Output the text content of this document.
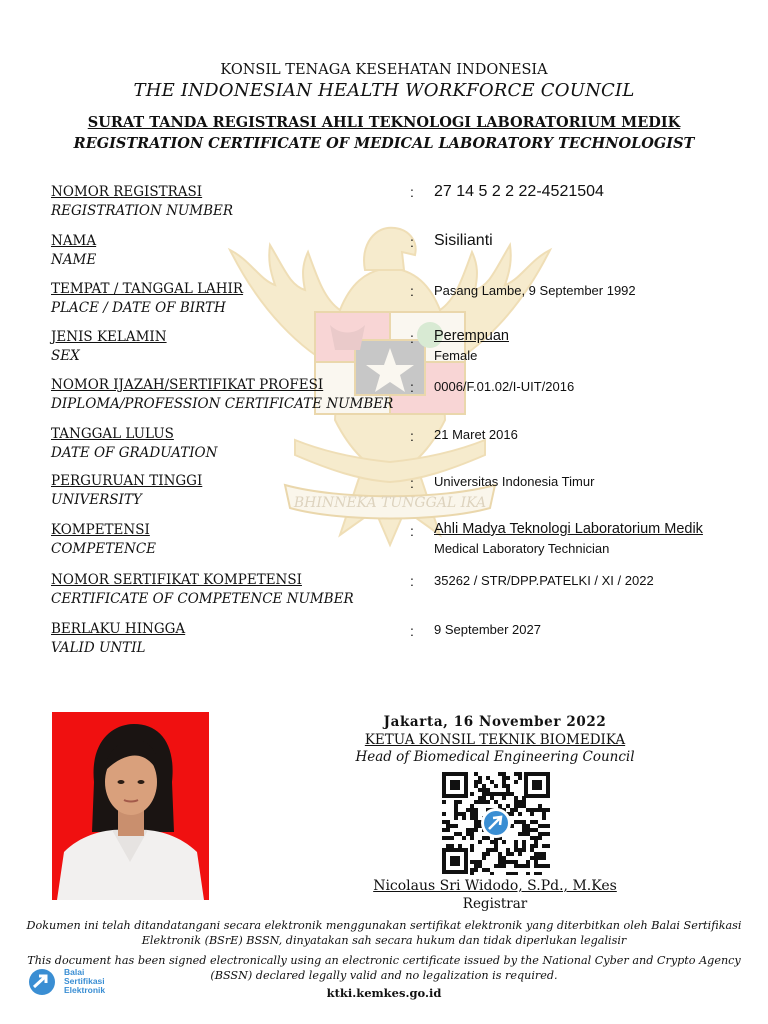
BHINNEKA TUNGGAL IKA
KONSIL TENAGA KESEHATAN INDONESIA
THE INDONESIAN HEALTH WORKFORCE COUNCIL
SURAT TANDA REGISTRASI AHLI TEKNOLOGI LABORATORIUM MEDIK
REGISTRATION CERTIFICATE OF MEDICAL LABORATORY TECHNOLOGIST
NOMOR REGISTRASI
REGISTRATION NUMBER
: 27 14 5 2 2 22-4521504
NAMA
NAME
: Sisilianti
TEMPAT / TANGGAL LAHIR
PLACE / DATE OF BIRTH
: Pasang Lambe, 9 September 1992
JENIS KELAMIN
SEX
: Perempuan
Female
NOMOR IJAZAH/SERTIFIKAT PROFESI
DIPLOMA/PROFESSION CERTIFICATE NUMBER
: 0006/F.01.02/I-UIT/2016
TANGGAL LULUS
DATE OF GRADUATION
: 21 Maret 2016
PERGURUAN TINGGI
UNIVERSITY
: Universitas Indonesia Timur
KOMPETENSI
COMPETENCE
: Ahli Madya Teknologi Laboratorium Medik
Medical Laboratory Technician
NOMOR SERTIFIKAT KOMPETENSI
CERTIFICATE OF COMPETENCE NUMBER
: 35262 / STR/DPP.PATELKI / XI / 2022
BERLAKU HINGGA
VALID UNTIL
: 9 September 2027
Jakarta, 16 November 2022
KETUA KONSIL TEKNIK BIOMEDIKA
Head of Biomedical Engineering Council
Nicolaus Sri Widodo, S.Pd., M.Kes
Registrar
Dokumen ini telah ditandatangani secara elektronik menggunakan sertifikat elektronik yang diterbitkan oleh Balai Sertifikasi
Elektronik (BSrE) BSSN, dinyatakan sah secara hukum dan tidak diperlukan legalisir
This document has been signed electronically using an electronic certificate issued by the National Cyber and Crypto Agency
(BSSN) declared legally valid and no legalization is required.
Balai
Sertifikasi
Elektronik	ktki.kemkes.go.id
